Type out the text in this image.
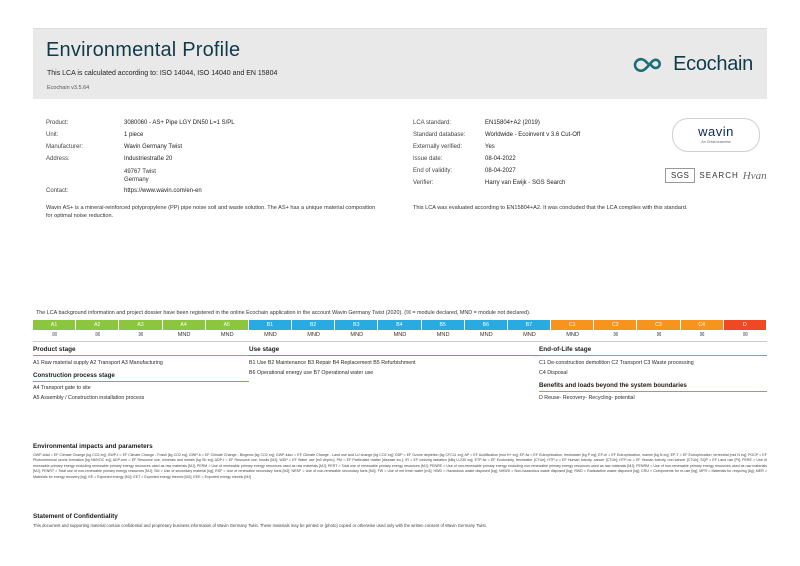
Environmental Profile
This LCA is calculated according to: ISO 14044, ISO 14040 and EN 15804
Ecochain v3.5.64
Ecochain
Product:	3080060 - AS+ Pipe LGY DN50 L=1 S/PL
Unit:	1 piece
Manufacturer:	Wavin Germany Twist
Address:	Industriestraße 20
49767 Twist
Germany
Contact:	https://www.wavin.com/en-en
LCA standard:	EN15804+A2 (2019)
Standard database:	Worldwide - Ecoinvent v 3.6 Cut-Off
Externally verified:	Yes
Issue date:	08-04-2022
End of validity:	08-04-2027
Verifier:	Harry van Ewijk - SGS Search
Wavin AS+ is a mineral-reinforced polypropylene (PP) pipe noise soil and waste solution. The AS+ has a unique material composition for optimal noise reduction.
This LCA was evaluated according to EN15804+A2. It was concluded that the LCA complies with this standard.
wavin
An Orbia business
SGS	SEARCH Hvan
The LCA background information and project dossier have been registered in the online Ecochain application in the account Wavin Germany Twist (2020). (☒ = module declared, MND = module not declared).
A1	A2	A3	A4	A5	B1	B2	B3	B4	B5	B6	B7	C1	C2	C3	C4	D
☒	☒	☒	MND	MND	MND	MND	MND	MND	MND	MND	MND	MND	☒	☒	☒	☒
Product stage	Use stage	End-of-Life stage
A1 Raw material supply A2 Transport A3 Manufacturing
Construction process stage
A4 Transport gate to site
A5 Assembly / Construction installation process
B1 Use B2 Maintenance B3 Repair B4 Replacement B5 Refurbishment
B6 Operational energy use B7 Operational water use
C1 De-construction demolition C2 Transport C3 Waste processing
C4 Disposal
Benefits and loads beyond the system boundaries
D Reuse- Recovery- Recycling- potential
Environmental impacts and parameters
GWP-total = EF Climate Change [kg CO2 eq]; GWP-f = EF Climate Change - Fossil [kg CO2 eq]; GWP-b = EF Climate Change - Biogenic [kg CO2 eq]; GWP-luluc = EF Climate Change - Land use and LU change [kg CO2 eq]; ODP = EF Ozone depletion [kg CFC11 eq]; AP = EF Acidification [mol H+ eq]; EP-fw = EF Eutrophication, freshwater [kg P eq]; EP-m = EF Eutrophication, marine [kg N eq]; EP-T = EF Eutrophication, terrestrial [mol N eq]; POCP = EF Photochemical ozone formation [kg NMVOC eq]; ADP-mm = EF Resource use, minerals and metals [kg Sb eq]; ADP-f = EF Resource use, fossils [MJ]; WDP = EF Water use [m3 depriv.]; PM = EF Particulate matter [disease inc.]; IR = EF Ionising radiation [kBq U-235 eq]; ETP-fw = EF Ecotoxicity, freshwater [CTUe]; HTP-c = EF Human toxicity, cancer [CTUh]; HTP-nc = EF Human toxicity, non-cancer [CTUh]; SQP = EF Land use [Pt]; PERE = Use of renewable primary energy excluding renewable primary energy resources used as raw materials [MJ]; PERM = Use of renewable primary energy resources used as raw materials [MJ]; PERT = Total use of renewable primary energy resources [MJ]; PENRE = Use of non-renewable primary energy excluding non-renewable primary energy resources used as raw materials [MJ]; PENRM = Use of non-renewable primary energy resources used as raw materials [MJ]; PENRT = Total use of non-renewable primary energy resources [MJ]; SM = Use of secondary material [kg]; RSF = Use of renewable secondary fuels [MJ]; NRSF = Use of non-renewable secondary fuels [MJ]; FW = Use of net fresh water [m3]; HWD = Hazardous waste disposed [kg]; NHWD = Non-hazardous waste disposed [kg]; RWD = Radioactive waste disposed [kg]; CRU = Components for re-use [kg]; MFR = Materials for recycling [kg]; MER = Materials for energy recovery [kg]; EE = Exported energy [MJ]; EET = Exported energy thermic [MJ]; EEE = Exported energy electric [MJ]
Statement of Confidentiality

This document and supporting material contain confidential and proprietary business information of Wavin Germany Twist. These materials may be printed or (photo) copied or otherwise used only with the written consent of Wavin Germany Twist.
